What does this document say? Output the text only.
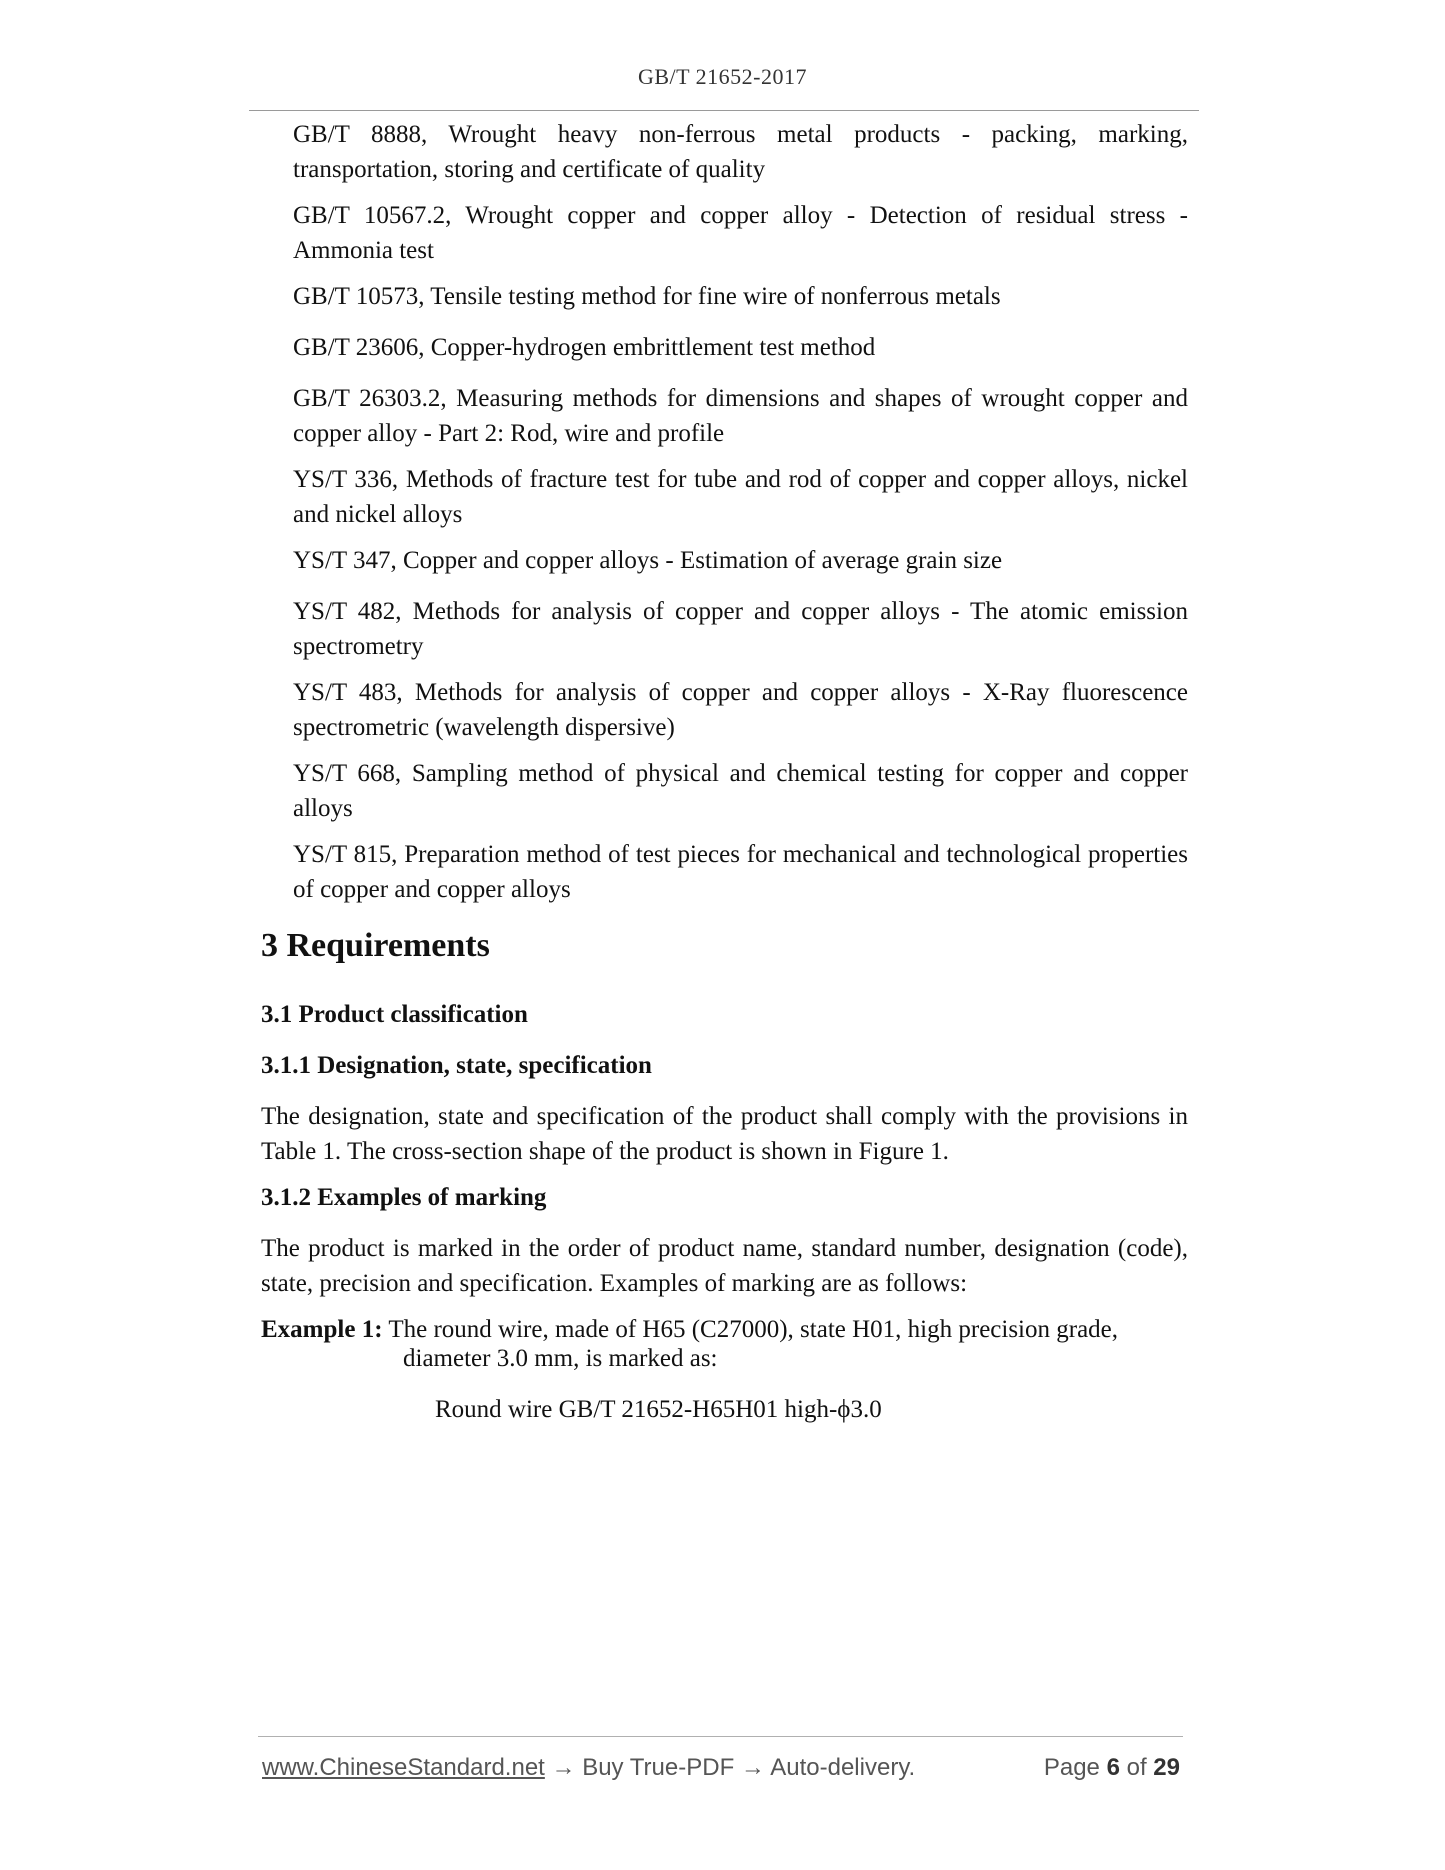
GB/T 21652-2017

GB/T 8888, Wrought heavy non-ferrous metal products - packing, marking, transportation, storing and certificate of quality

GB/T 10567.2, Wrought copper and copper alloy - Detection of residual stress - Ammonia test

GB/T 10573, Tensile testing method for fine wire of nonferrous metals

GB/T 23606, Copper-hydrogen embrittlement test method

GB/T 26303.2, Measuring methods for dimensions and shapes of wrought copper and copper alloy - Part 2: Rod, wire and profile

YS/T 336, Methods of fracture test for tube and rod of copper and copper alloys, nickel and nickel alloys

YS/T 347, Copper and copper alloys - Estimation of average grain size

YS/T 482, Methods for analysis of copper and copper alloys - The atomic emission spectrometry

YS/T 483, Methods for analysis of copper and copper alloys - X-Ray fluorescence spectrometric (wavelength dispersive)

YS/T 668, Sampling method of physical and chemical testing for copper and copper alloys

YS/T 815, Preparation method of test pieces for mechanical and technological properties of copper and copper alloys

3 Requirements
3.1 Product classification
3.1.1 Designation, state, specification

The designation, state and specification of the product shall comply with the provisions in Table 1. The cross-section shape of the product is shown in Figure 1.

3.1.2 Examples of marking

The product is marked in the order of product name, standard number, designation (code), state, precision and specification. Examples of marking are as follows:

Example 1: The round wire, made of H65 (C27000), state H01, high precision grade,

diameter 3.0 mm, is marked as:

Round wire GB/T 21652-H65H01 high-ϕ3.0

www.ChineseStandard.net → Buy True-PDF → Auto-delivery.	Page 6 of 29
